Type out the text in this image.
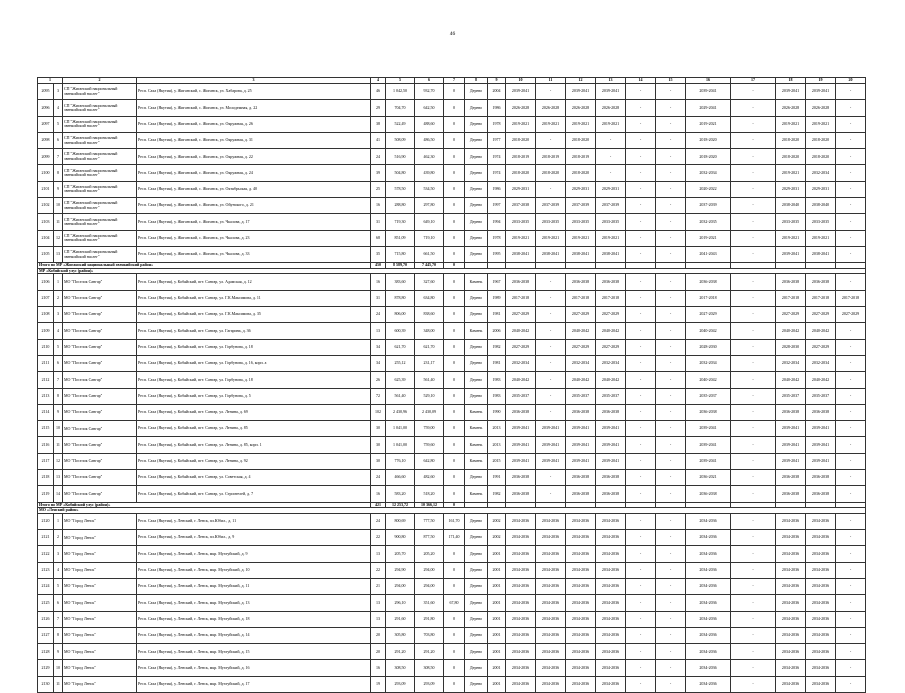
46
1		2	3	4	5	6	7	8	9	10	11	12	13	14	15	16	17	18	19	20
2095	3	СП "Жиганский национальный эвенкийский наслег"	Респ. Саха (Якутия), у. Жиганский, с. Жиганск, ул. Хабарова, д. 25	46	1 042,50	932,70	0	Дерево	2004	2039-2041	-	2039-2041	2039-2041	-	-	2039-2041	-	2039-2041	2039-2041	-
2096	4	СП "Жиганский национальный эвенкийский наслег"	Респ. Саха (Якутия), у. Жиганский, с. Жиганск, ул. Молодежная, д. 22	29	704,70	642,50	0	Дерево	1986	2026-2028	2026-2028	2026-2028	2026-2028	-	-	2029-2041	-	2026-2028	2026-2028	-
2097	5	СП "Жиганский национальный эвенкийский наслег"	Респ. Саха (Якутия), у. Жиганский, с. Жиганск, ул. Окружная, д. 26	38	522,49	488,60	0	Дерево	1978	2019-2021	2019-2021	2019-2021	2019-2021	-	-	2019-2021	-	2019-2021	2019-2021	-
2098	6	СП "Жиганский национальный эвенкийский наслег"	Респ. Саха (Якутия), у. Жиганский, с. Жиганск, ул. Окружная, д. 31	41	508,09	486,50	0	Дерево	1977	2018-2020	-	2018-2020	-	-	-	2018-2020	-	2018-2020	2018-2020	-
2099	7	СП "Жиганский национальный эвенкийский наслег"	Респ. Саха (Якутия), у. Жиганский, с. Жиганск, ул. Окружная, д. 22	24	516,90	462,30	0	Дерево	1974	2018-2019	2018-2019	2018-2019	-	-	-	2018-2020	-	2018-2020	2018-2020	-
2100	8	СП "Жиганский национальный эвенкийский наслег"	Респ. Саха (Якутия), у. Жиганский, с. Жиганск, ул. Окружная, д. 24	39	504,80	439,80	0	Дерево	1974	2018-2020	2018-2020	2018-2020	-	-	-	2032-2034	-	2019-2021	2032-2034	-
2101	9	СП "Жиганский национальный эвенкийский наслег"	Респ. Саха (Якутия), у. Жиганский, с. Жиганск, ул. Октябрьская, д. 40	25	578,50	534,50	0	Дерево	1986	2029-2031	-	2029-2031	2029-2031	-	-	2020-2022	-	2029-2031	2029-2031	-
2102	10	СП "Жиганский национальный эвенкийский наслег"	Респ. Саха (Якутия), у. Жиганский, с. Жиганск, ул. Ойунского, д. 21	16	288,80	297,80	0	Дерево	1997	2037-2038	2037-2039	2037-2039	2037-2039	-	-	2037-2039	-	2038-2040	2038-2040	-
2103	11	СП "Жиганский национальный эвенкийский наслег"	Респ. Саха (Якутия), у. Жиганский, с. Жиганск, ул. Чкалова, д. 17	31	719,30	649,10	0	Дерево	1994	2033-2035	2033-2035	2033-2035	2033-2035	-	-	2032-2035	-	2033-2035	2033-2035	-
2104	12	СП "Жиганский национальный эвенкийский наслег"	Респ. Саха (Якутия), у. Жиганский, с. Жиганск, ул. Чкалова, д. 23	68	851,09	719,10	0	Дерево	1978	2019-2021	2019-2021	2019-2021	2019-2021	-	-	2019-2021	-	2019-2021	2019-2021	-
2105	13	СП "Жиганский национальный эвенкийский наслег"	Респ. Саха (Якутия), у. Жиганский, с. Жиганск, ул. Чкалова, д. 33	35	715,80	661,50	0	Дерево	1995	2038-2041	2038-2041	2038-2041	2038-2041	-	-	2041-2043	-	2039-2041	2038-2041	-
Итого по МР «Жиганский национальный эвенкийский район»				450	8 589,70	7 445,70	0													
МР «Кобяйский улус (район)»																				
2106	1	МО "Поселок Сангар"	Респ. Саха (Якутия), у. Кобяйский, пгт. Сангар, ул. Адамская, д. 12	16	383,60	327,60	0	Камень	1967	2036-2038	-	2036-2038	2036-2038	-	-	2036-2038	-	2036-2038	2036-2038	-
2107	2	МО "Поселок Сангар"	Респ. Саха (Якутия), у. Кобяйский, пгт. Сангар, ул. Г.К.Максимова, д. 11	31	878,80	634,80	0	Дерево	1989	2017-2018	-	2017-2018	2017-2018	-	-	2017-2018	-	2017-2018	2017-2018	2017-2018
2108	3	МО "Поселок Сангар"	Респ. Саха (Якутия), у. Кобяйский, пгт. Сангар, ул. Г.К.Максимова, д. 35	24	806,00	838,60	0	Дерево	1981	2027-2029	-	2027-2029	2027-2029	-	-	2027-2029	-	2027-2029	2027-2029	2027-2029
2109	4	МО "Поселок Сангар"	Респ. Саха (Якутия), у. Кобяйский, пгт. Сангар, ул. Гагарина, д. 36	13	600,39	348,00	0	Камень	2006	2040-2042	-	2040-2042	2040-2042	-	-	2040-2042	-	2040-2042	2040-2042	-
2110	5	МО "Поселок Сангар"	Респ. Саха (Якутия), у. Кобяйский, пгт. Сангар, ул. Горбунова, д. 18	34	621,70	621,70	0	Дерево	1982	2027-2029	-	2027-2029	2027-2029	-	-	2028-2030	-	2028-2030	2027-2029	-
2111	6	МО "Поселок Сангар"	Респ. Саха (Якутия), у. Кобяйский, пгт. Сангар, ул. Горбунова, д. 16, корп. а	34	255,12	231,17	0	Дерево	1981	2032-2034	-	2032-2034	2032-2034	-	-	2032-2034	-	2032-2034	2032-2034	-
2112	7	МО "Поселок Сангар"	Респ. Саха (Якутия), у. Кобяйский, пгт. Сангар, ул. Горбунова, д. 18	26	625,39	561,40	0	Дерево	1983	2040-2042	-	2040-2042	2040-2042	-	-	2040-2042	-	2040-2042	2040-2042	-
2113	8	МО "Поселок Сангар"	Респ. Саха (Якутия), у. Кобяйский, пгт. Сангар, ул. Горбунова, д. 5	72	561,40	529,10	0	Дерево	1983	2035-2037	-	2035-2037	2035-2037	-	-	2035-2037	-	2035-2037	2035-2037	-
2114	9	МО "Поселок Сангар"	Респ. Саха (Якутия), у. Кобяйский, пгт. Сангар, ул. Ленина, д. 69	102	2 430,96	2 430,09	0	Камень	1990	2036-2038	-	2036-2038	2036-2038	-	-	2036-2038	-	2036-2038	2036-2038	-
2115	10	МО "Поселок Сангар"	Респ. Саха (Якутия), у. Кобяйский, пгт. Сангар, ул. Ленина, д. 85	30	1 041,00	759,00	0	Камень	2013	2039-2041	2039-2041	2039-2041	2039-2041	-	-	2039-2041	-	2039-2041	2039-2041	-
2116	11	МО "Поселок Сангар"	Респ. Саха (Якутия), у. Кобяйский, пгт. Сангар, ул. Ленина, д. 85, корп. 1	30	1 041,00	759,60	0	Камень	2013	2039-2041	2039-2041	2039-2041	2039-2041	-	-	2039-2041	-	2039-2041	2039-2041	-
2117	12	МО "Поселок Сангар"	Респ. Саха (Якутия), у. Кобяйский, пгт. Сангар, ул. Ленина, д. 92	30	776,10	642,80	0	Камень	2015	2039-2041	2039-2041	2039-2041	2039-2041	-	-	2039-2041	-	2039-2041	2039-2041	-
2118	13	МО "Поселок Сангар"	Респ. Саха (Якутия), у. Кобяйский, пгт. Сангар, ул. Советская, д. 4	24	466,60	482,60	0	Дерево	1991	2036-2038	-	2036-2038	2036-2038	-	-	2036-2021	-	2036-2038	2036-2038	-
2119	14	МО "Поселок Сангар"	Респ. Саха (Якутия), у. Кобяйский, пгт. Сангар, ул. Строителей, д. 7	16	583,20	518,20	0	Камень	1982	2036-2038	-	2036-2038	2036-2038	-	-	2036-2038	-	2036-2038	2036-2038	-
Итого по МР «Кобяйский улус (район)»				421	12 253,72	10 366,12	0													
МО «Ленский район»																				
2120	1	МО "Город Ленск"	Респ. Саха (Якутия), у. Ленский, г. Ленск, пл.Юбил., д. 11	24	800,69	777,50	161,70	Дерево	2002	2034-2036	2034-2036	2034-2036	2034-2036	-	-	2034-2036	-	2034-2036	2034-2036	-
2121	2	МО "Город Ленск"	Респ. Саха (Якутия), у. Ленский, г. Ленск, пл.Юбил., д. 9	22	900,80	877,50	171,40	Дерево	2002	2034-2036	2034-2036	2034-2036	2034-2036	-	-	2034-2036	-	2034-2036	2034-2036	-
2122	3	МО "Город Ленск"	Респ. Саха (Якутия), у. Ленский, г. Ленск, мкр. Мухтуйский, д. 9	13	205,70	205,20	0	Дерево	2001	2034-2036	2034-2036	2034-2036	2034-2036	-	-	2034-2036	-	2034-2036	2034-2036	-
2123	4	МО "Город Ленск"	Респ. Саха (Якутия), у. Ленский, г. Ленск, мкр. Мухтуйский, д. 10	22	294,90	294,00	0	Дерево	2001	2034-2036	2034-2036	2034-2036	2034-2036	-	-	2034-2036	-	2034-2036	2034-2036	-
2124	5	МО "Город Ленск"	Респ. Саха (Якутия), у. Ленский, г. Ленск, мкр. Мухтуйский, д. 11	21	294,00	294,00	0	Дерево	2001	2034-2036	2034-2036	2034-2036	2034-2036	-	-	2034-2036	-	2034-2036	2034-2036	-
2125	6	МО "Город Ленск"	Респ. Саха (Якутия), у. Ленский, г. Ленск, мкр. Мухтуйский, д. 13	13	296,10	351,60	67,80	Дерево	2001	2034-2036	2034-2036	2034-2036	2034-2036	-	-	2034-2036	-	2034-2036	2034-2036	-
2126	7	МО "Город Ленск"	Респ. Саха (Якутия), у. Ленский, г. Ленск, мкр. Мухтуйский, д. 18	13	291,60	291,80	0	Дерево	2001	2034-2036	2034-2036	2034-2036	2034-2036	-	-	2034-2036	-	2034-2036	2034-2036	-
2127	8	МО "Город Ленск"	Респ. Саха (Якутия), у. Ленский, г. Ленск, мкр. Мухтуйский, д. 14	20	305,80	703,80	0	Дерево	2001	2034-2036	2034-2036	2034-2036	2034-2036	-	-	2034-2036	-	2034-2036	2034-2036	-
2128	9	МО "Город Ленск"	Респ. Саха (Якутия), у. Ленский, г. Ленск, мкр. Мухтуйский, д. 15	20	291,20	291,20	0	Дерево	2001	2034-2036	2034-2036	2034-2036	2034-2036	-	-	2034-2036	-	2034-2036	2034-2036	-
2129	10	МО "Город Ленск"	Респ. Саха (Якутия), у. Ленский, г. Ленск, мкр. Мухтуйский, д. 16	16	308,50	308,50	0	Дерево	2001	2034-2036	2034-2036	2034-2036	2034-2036	-	-	2034-2036	-	2034-2036	2034-2036	-
2130	11	МО "Город Ленск"	Респ. Саха (Якутия), у. Ленский, г. Ленск, мкр. Мухтуйский, д. 17	19	293,09	293,09	0	Дерево	2001	2034-2036	2034-2036	2034-2036	2034-2036	-	-	2034-2036	-	2034-2036	2034-2036	-
